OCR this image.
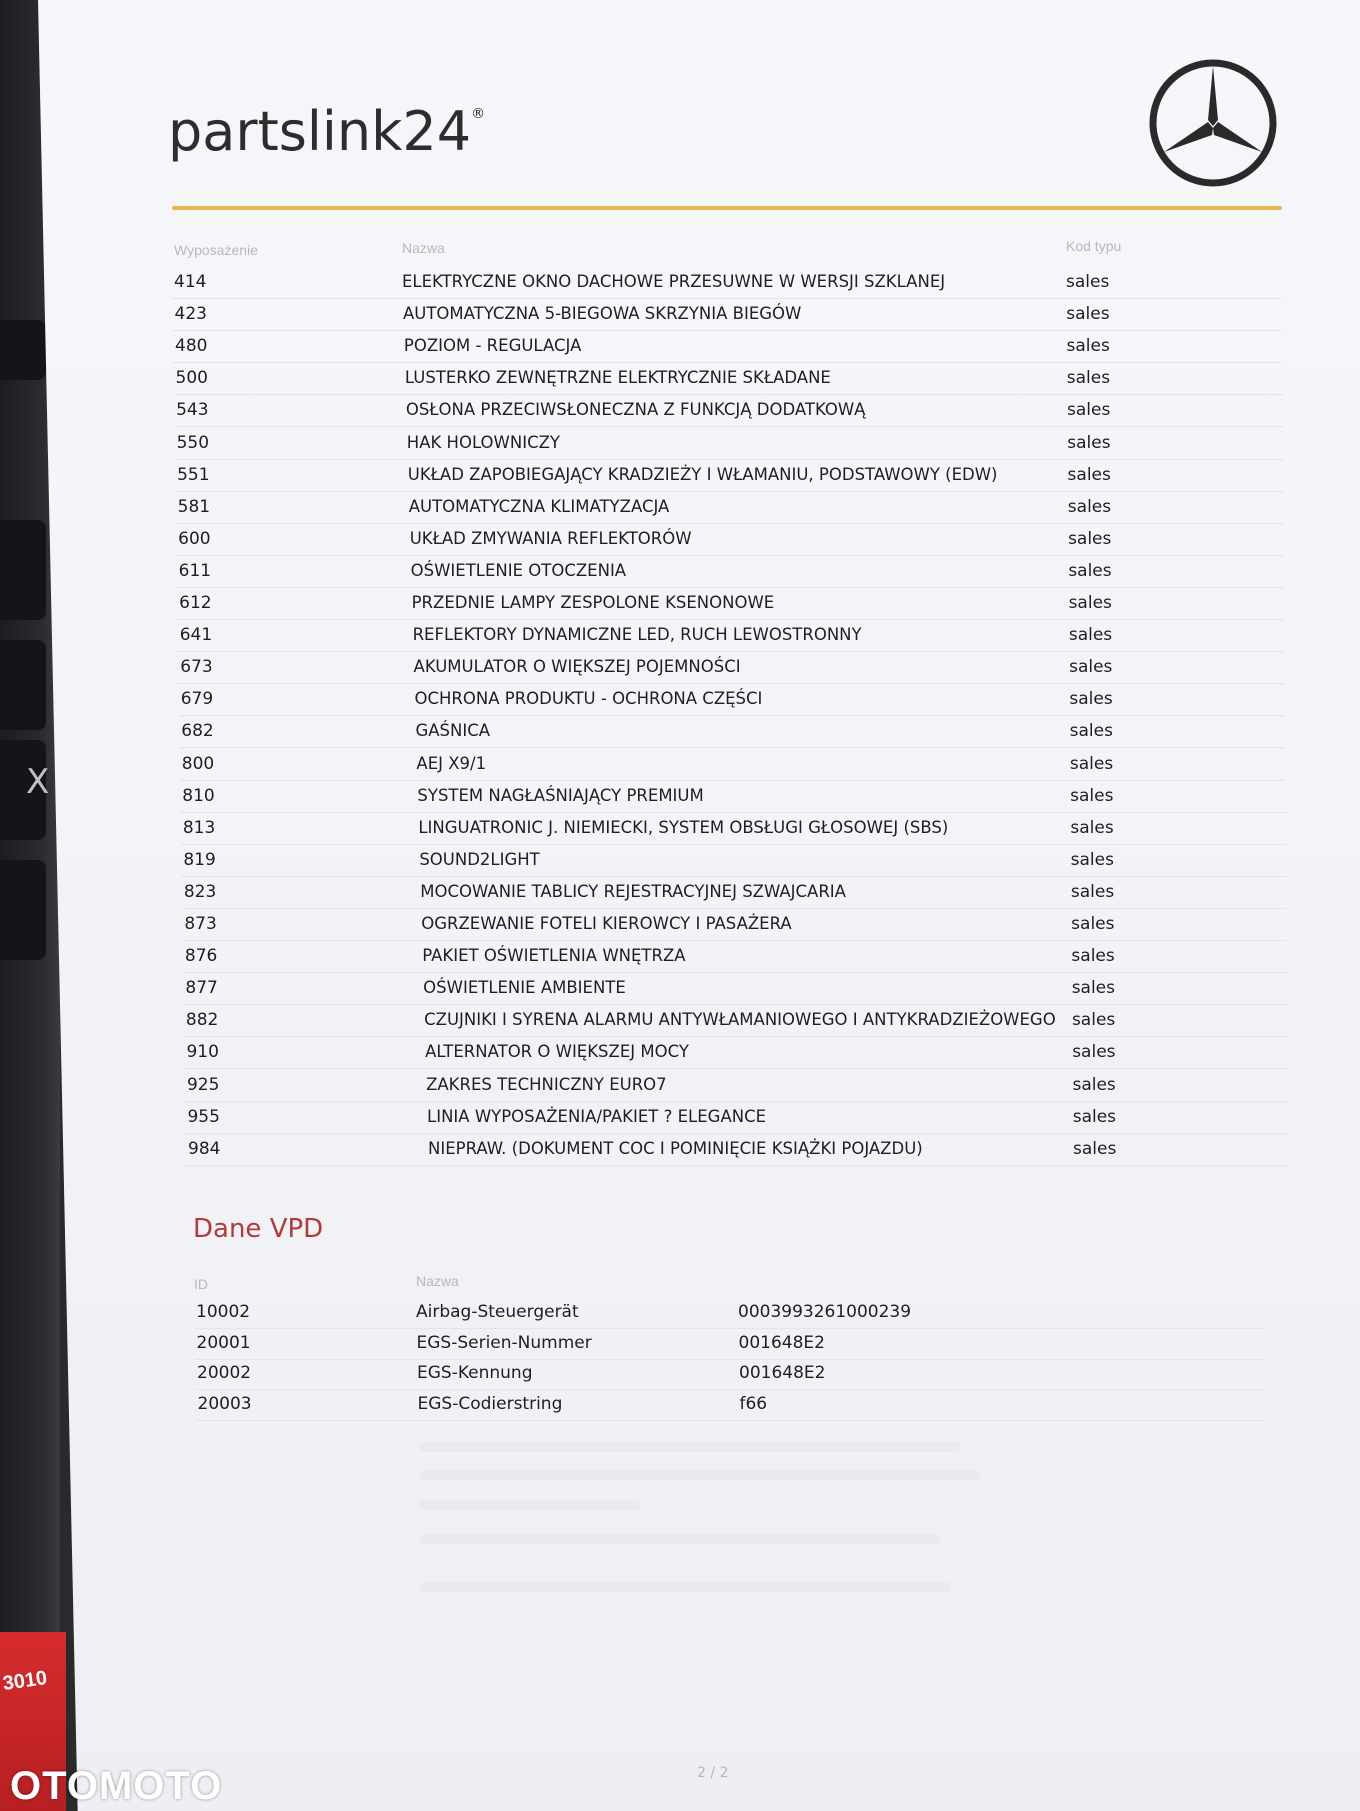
X
3010
partslink24®
Wyposażenie	Nazwa	Kod typu
414	ELEKTRYCZNE OKNO DACHOWE PRZESUWNE W WERSJI SZKLANEJ	sales
423	AUTOMATYCZNA 5-BIEGOWA SKRZYNIA BIEGÓW	sales
480	POZIOM - REGULACJA	sales
500	LUSTERKO ZEWNĘTRZNE ELEKTRYCZNIE SKŁADANE	sales
543	OSŁONA PRZECIWSŁONECZNA Z FUNKCJĄ DODATKOWĄ	sales
550	HAK HOLOWNICZY	sales
551	UKŁAD ZAPOBIEGAJĄCY KRADZIEŻY I WŁAMANIU, PODSTAWOWY (EDW)	sales
581	AUTOMATYCZNA KLIMATYZACJA	sales
600	UKŁAD ZMYWANIA REFLEKTORÓW	sales
611	OŚWIETLENIE OTOCZENIA	sales
612	PRZEDNIE LAMPY ZESPOLONE KSENONOWE	sales
641	REFLEKTORY DYNAMICZNE LED, RUCH LEWOSTRONNY	sales
673	AKUMULATOR O WIĘKSZEJ POJEMNOŚCI	sales
679	OCHRONA PRODUKTU - OCHRONA CZĘŚCI	sales
682	GAŚNICA	sales
800	AEJ X9/1	sales
810	SYSTEM NAGŁAŚNIAJĄCY PREMIUM	sales
813	LINGUATRONIC J. NIEMIECKI, SYSTEM OBSŁUGI GŁOSOWEJ (SBS)	sales
819	SOUND2LIGHT	sales
823	MOCOWANIE TABLICY REJESTRACYJNEJ SZWAJCARIA	sales
873	OGRZEWANIE FOTELI KIEROWCY I PASAŻERA	sales
876	PAKIET OŚWIETLENIA WNĘTRZA	sales
877	OŚWIETLENIE AMBIENTE	sales
882	CZUJNIKI I SYRENA ALARMU ANTYWŁAMANIOWEGO I ANTYKRADZIEŻOWEGO sales
910	ALTERNATOR O WIĘKSZEJ MOCY	sales
925	ZAKRES TECHNICZNY EURO7	sales
955	LINIA WYPOSAŻENIA/PAKIET ? ELEGANCE	sales
984	NIEPRAW. (DOKUMENT COC I POMINIĘCIE KSIĄŻKI POJAZDU)	sales
Dane VPD
ID	Nazwa
10002	Airbag-Steuergerät	0003993261000239
20001	EGS-Serien-Nummer	001648E2
20002	EGS-Kennung	001648E2
20003	EGS-Codierstring	f66
2 / 2
OTOMOTO
